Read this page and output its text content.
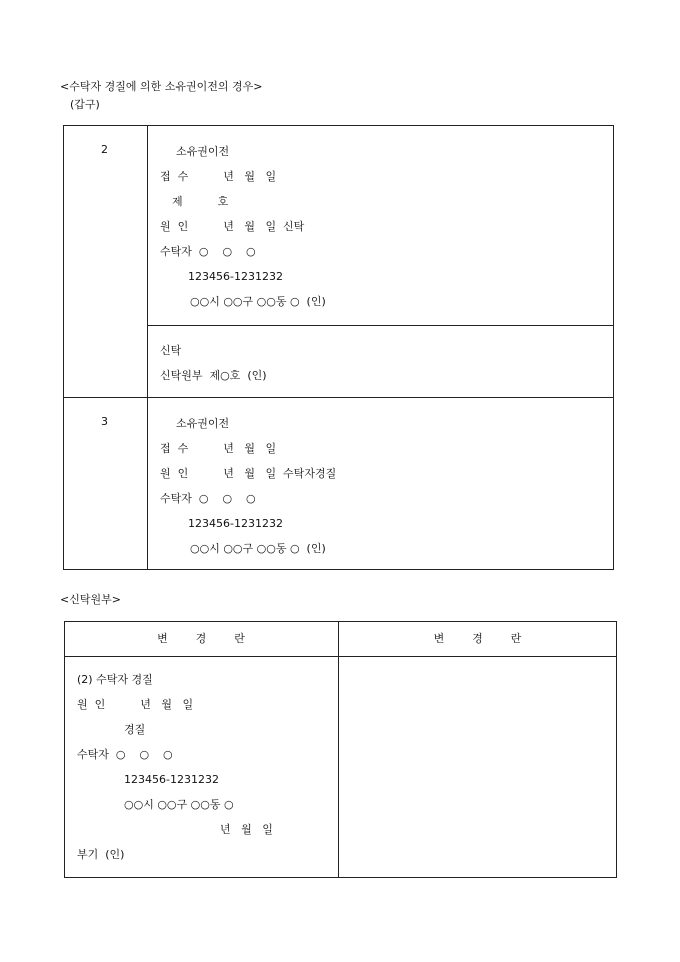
<수탁자 경질에 의한 소유권이전의 경우>
(갑구)
2	소유권이전
접  수          년   월   일
제          호
원  인          년   월   일  신탁
수탁자  ○    ○    ○
123456-1231232
○○시 ○○구 ○○동 ○  (인)
신탁
신탁원부  제○호  (인)
3	소유권이전
접  수          년   월   일
원  인          년   월   일  수탁자경질
수탁자  ○    ○    ○
123456-1231232
○○시 ○○구 ○○동 ○  (인)
<신탁원부>
변        경        란	변        경        란
(2) 수탁자 경질
원  인          년   월   일
경질
수탁자  ○    ○    ○
123456-1231232
○○시 ○○구 ○○동 ○
년   월   일
부기  (인)
